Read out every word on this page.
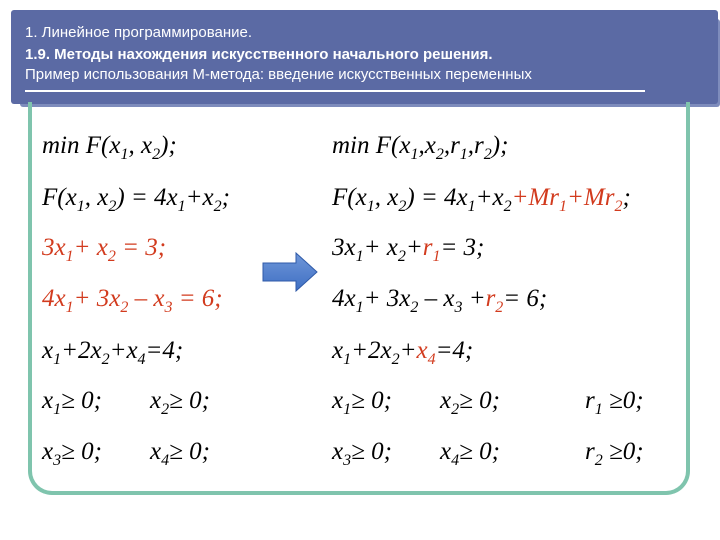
1. Линейное программирование.
1.9. Методы нахождения искусственного начального решения.
Пример использования М-метода: введение искусственных переменных
$\min F(x_1$, $x_2$);
$F(x_1$, $x_2) = 4x_1+x_2$;
$3x_1+ x_2 = 3$;
$4x_1+ 3x_2 - x_3 = 6$;
$x_1+2x_2+x_4=4$;
$x_1\ge 0$; $x_2\ge 0$;
$x_3\ge 0$; $x_4\ge 0$;
$\min F(x_1,x_2,r_1,r_2)$;
$F(x_1$, $x_2) = 4x_1+x_2+Mr_1+Mr_2$;
$3x_1+ x_2+r_1= 3$;
$4x_1+ 3x_2 - x_3 +r_2= 6$;
$x_1+2x_2+x_4=4$;
$x_1\ge 0$; $x_2\ge 0$;	$r_1 \ge 0$;
$x_3\ge 0$; $x_4\ge 0$;	$r_2 \ge 0$;
